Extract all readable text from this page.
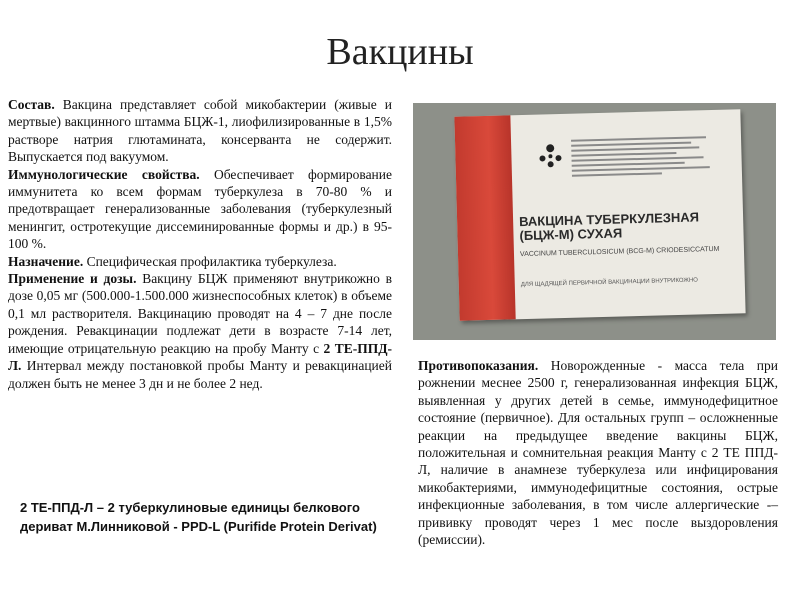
Вакцины
Состав. Вакцина представляет собой микобактерии (живые и мертвые) вакцинного штамма БЦЖ-1, лиофилизированные в 1,5% растворе натрия глютамината, консерванта не содержит. Выпускается под вакуумом.
Иммунологические свойства. Обеспечивает формирование иммунитета ко всем формам туберкулеза в 70-80 % и предотвращает генерализованные заболевания (туберкулезный менингит, остротекущие диссеминированные формы и др.) в 95-100 %.
Назначение. Специфическая профилактика туберкулеза.
Применение и дозы. Вакцину БЦЖ применяют внутрикожно в дозе 0,05 мг (500.000-1.500.000 жизнеспособных клеток) в объеме 0,1 мл растворителя. Вакцинацию проводят на 4 – 7 дне после рождения. Ревакцинации подлежат дети в возрасте 7-14 лет, имеющие отрицательную реакцию на пробу Манту с 2 ТЕ-ППД-Л. Интервал между постановкой пробы Манту и ревакцинацией должен быть не менее 3 дн и не более 2 нед.
2 ТЕ-ППД-Л – 2 туберкулиновые единицы белкового дериват М.Линниковой - PPD-L (Purifide Protein Derivat)
ВАКЦИНА ТУБЕРКУЛЕЗНАЯ (БЦЖ-М) СУХАЯ
VACCINUM TUBERCULOSICUM (BCG-M) CRIODESICCATUM
ДЛЯ ЩАДЯЩЕЙ ПЕРВИЧНОЙ ВАКЦИНАЦИИ ВНУТРИКОЖНО
Противопоказания. Новорожденные - масса тела при рожнении меснее 2500 г, генерализованная инфекция БЦЖ, выявленная у других детей в семье, иммунодефицитное состояние (первичное). Для остальных групп – осложненные реакции на предыдущее введение вакцины БЦЖ, положительная и сомнительная реакция Манту с 2 ТЕ ППД-Л, наличие в анамнезе туберкулеза или инфицирования микобактериями, иммунодефицитные состояния, острые инфекционные заболевания, в том числе аллергические -–прививку проводят через 1 мес после выздоровления (ремиссии).
